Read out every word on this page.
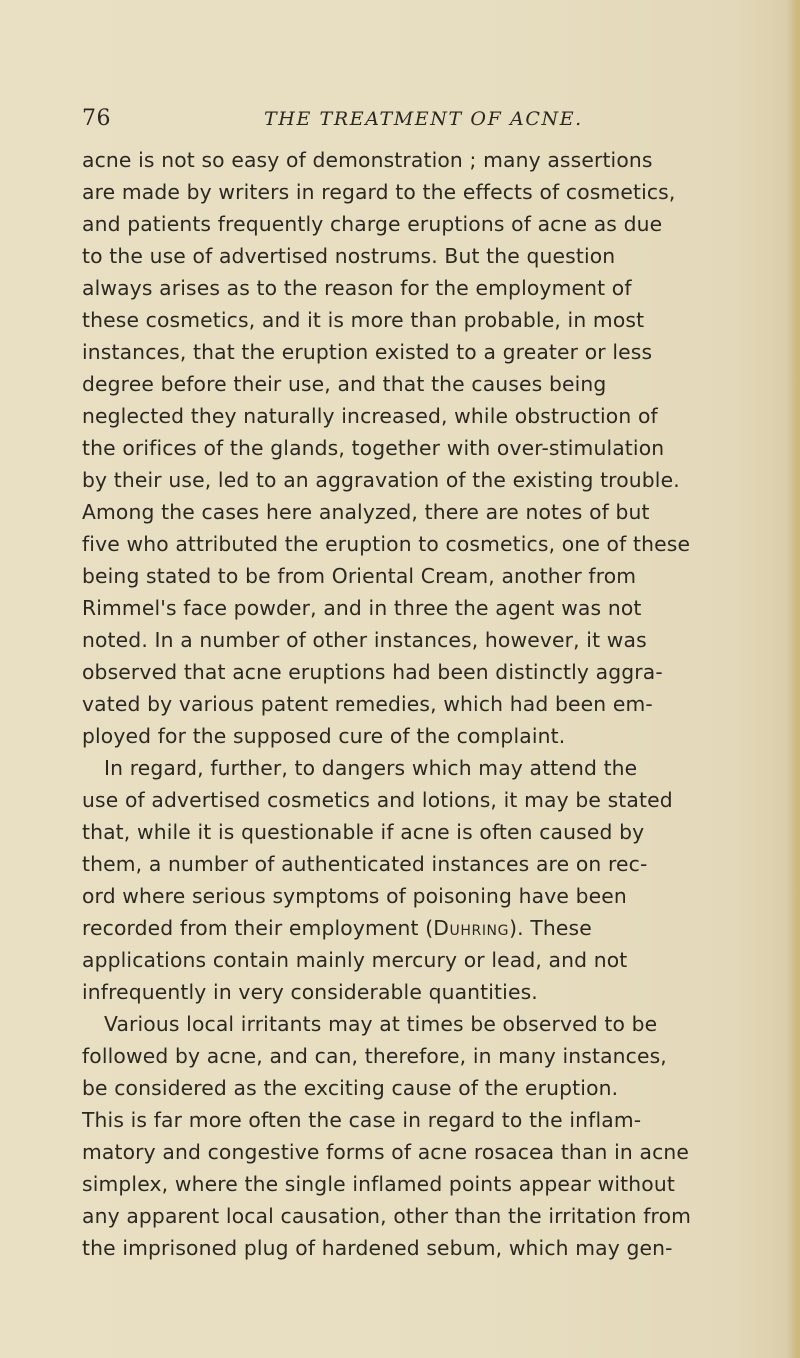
76	THE TREATMENT OF ACNE.
acne is not so easy of demonstration ; many assertions
are made by writers in regard to the effects of cosmetics,
and patients frequently charge eruptions of acne as due
to the use of advertised nostrums. But the question
always arises as to the reason for the employment of
these cosmetics, and it is more than probable, in most
instances, that the eruption existed to a greater or less
degree before their use, and that the causes being
neglected they naturally increased, while obstruction of
the orifices of the glands, together with over-stimulation
by their use, led to an aggravation of the existing trouble.
Among the cases here analyzed, there are notes of but
five who attributed the eruption to cosmetics, one of these
being stated to be from Oriental Cream, another from
Rimmel's face powder, and in three the agent was not
noted. In a number of other instances, however, it was
observed that acne eruptions had been distinctly aggra-
vated by various patent remedies, which had been em-
ployed for the supposed cure of the complaint.
In regard, further, to dangers which may attend the
use of advertised cosmetics and lotions, it may be stated
that, while it is questionable if acne is often caused by
them, a number of authenticated instances are on rec-
ord where serious symptoms of poisoning have been
recorded from their employment (Duhring). These
applications contain mainly mercury or lead, and not
infrequently in very considerable quantities.
Various local irritants may at times be observed to be
followed by acne, and can, therefore, in many instances,
be considered as the exciting cause of the eruption.
This is far more often the case in regard to the inflam-
matory and congestive forms of acne rosacea than in acne
simplex, where the single inflamed points appear without
any apparent local causation, other than the irritation from
the imprisoned plug of hardened sebum, which may gen-
